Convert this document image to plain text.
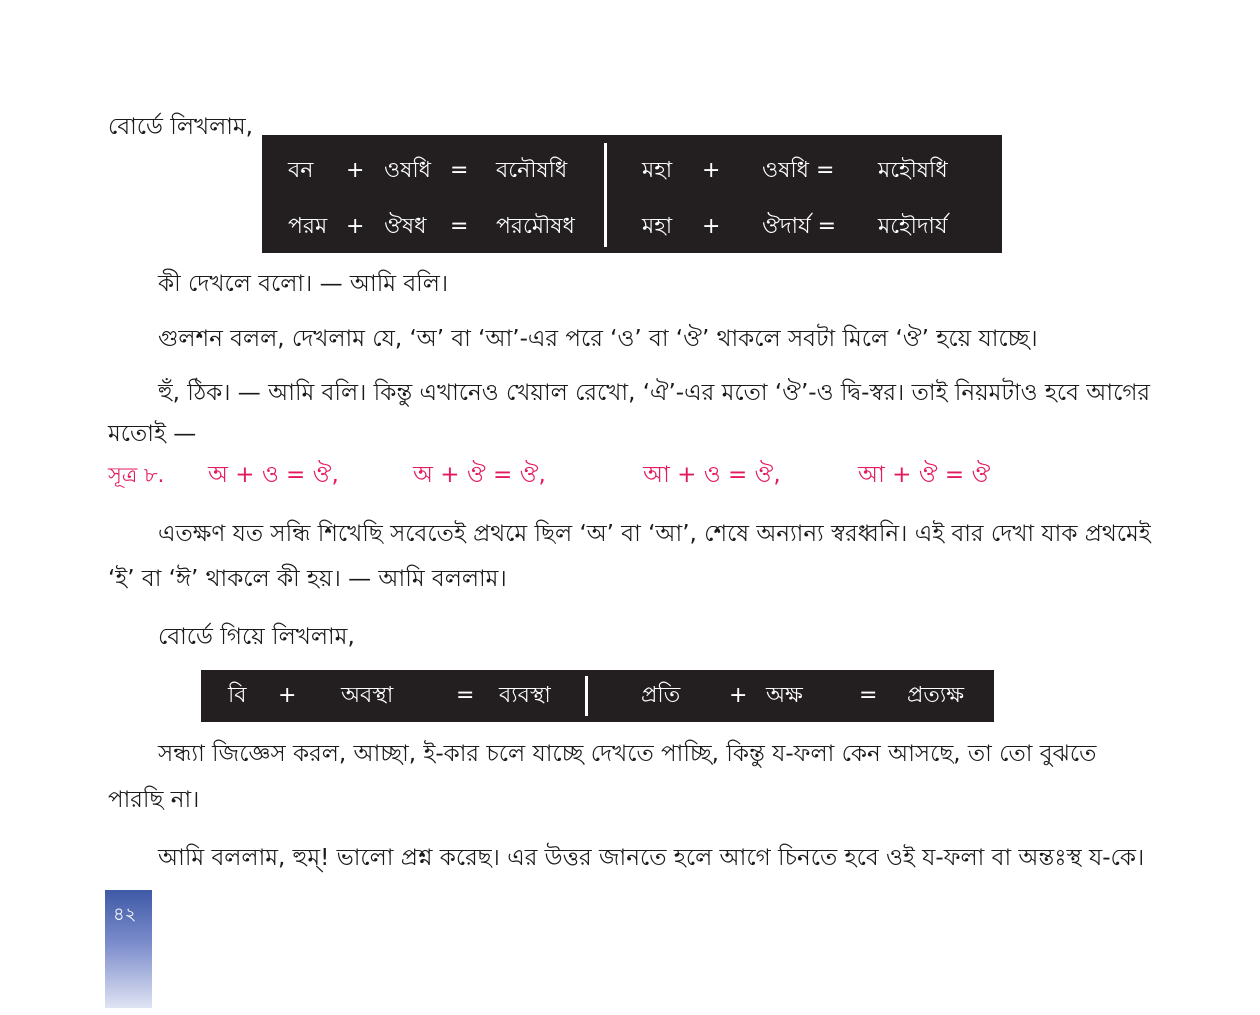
বোর্ডে লিখলাম,

বন + ওষধি = বনৌষধি	মহা + ওষধি = মহৌষধি
পরম + ঔষধ = পরমৌষধ	মহা + ঔদার্য = মহৌদার্য

কী দেখলে বলো। — আমি বলি।

গুলশন বলল, দেখলাম যে, ‘অ’ বা ‘আ’-এর পরে ‘ও’ বা ‘ঔ’ থাকলে সবটা মিলে ‘ঔ’ হয়ে যাচ্ছে।

হুঁ, ঠিক। — আমি বলি। কিন্তু এখানেও খেয়াল রেখো, ‘ঐ’-এর মতো ‘ঔ’-ও দ্বি-স্বর। তাই নিয়মটাও হবে আগের

মতোই —

সূত্র ৮. অ + ও = ঔ,	অ + ঔ = ঔ,	আ + ও = ঔ,	আ + ঔ = ঔ

এতক্ষণ যত সন্ধি শিখেছি সবেতেই প্রথমে ছিল ‘অ’ বা ‘আ’, শেষে অন্যান্য স্বরধ্বনি। এই বার দেখা যাক প্রথমেই

‘ই’ বা ‘ঈ’ থাকলে কী হয়। — আমি বললাম।

বোর্ডে গিয়ে লিখলাম,

বি + অবস্থা	= ব্যবস্থা	প্রতি + অক্ষ	= প্রত্যক্ষ

সন্ধ্যা জিজ্ঞেস করল, আচ্ছা, ই-কার চলে যাচ্ছে দেখতে পাচ্ছি, কিন্তু য-ফলা কেন আসছে, তা তো বুঝতে

পারছি না।

আমি বললাম, হুম্! ভালো প্রশ্ন করেছ। এর উত্তর জানতে হলে আগে চিনতে হবে ওই য-ফলা বা অন্তঃস্থ য-কে।

৪২
